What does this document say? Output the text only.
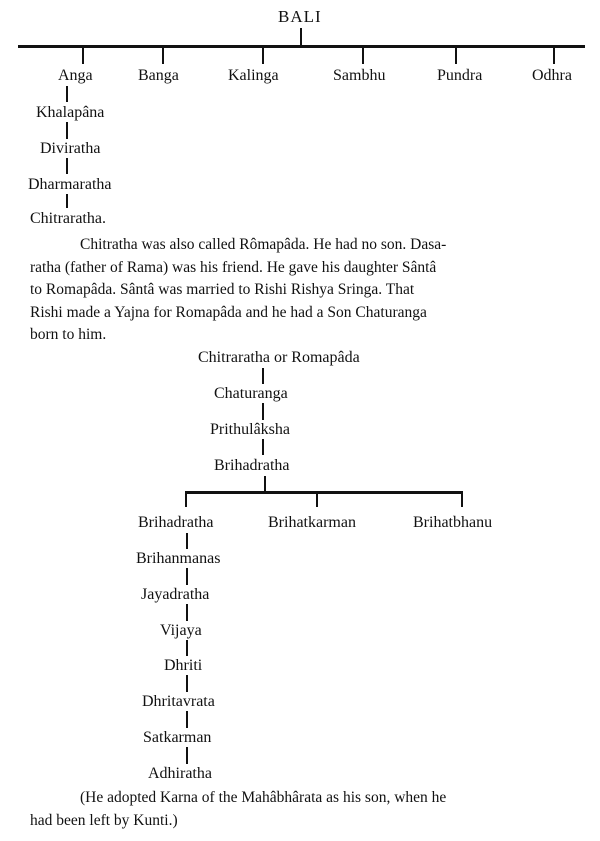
BALI
Anga	Banga	Kalinga	Sambhu	Pundra	Odhra
Khalapâna
Diviratha
Dharmaratha
Chitraratha.
Chitratha was also called Rômapâda. He had no son. Dasa-
ratha (father of Rama) was his friend. He gave his daughter Sântâ
to Romapâda. Sântâ was married to Rishi Rishya Sringa. That
Rishi made a Yajna for Romapâda and he had a Son Chaturanga
born to him.
Chitraratha or Romapâda
Chaturanga
Prithulâksha
Brihadratha
Brihadratha	Brihatkarman	Brihatbhanu
Brihanmanas
Jayadratha
Vijaya
Dhriti
Dhritavrata
Satkarman
Adhiratha
(He adopted Karna of the Mahâbhârata as his son, when he
had been left by Kunti.)
